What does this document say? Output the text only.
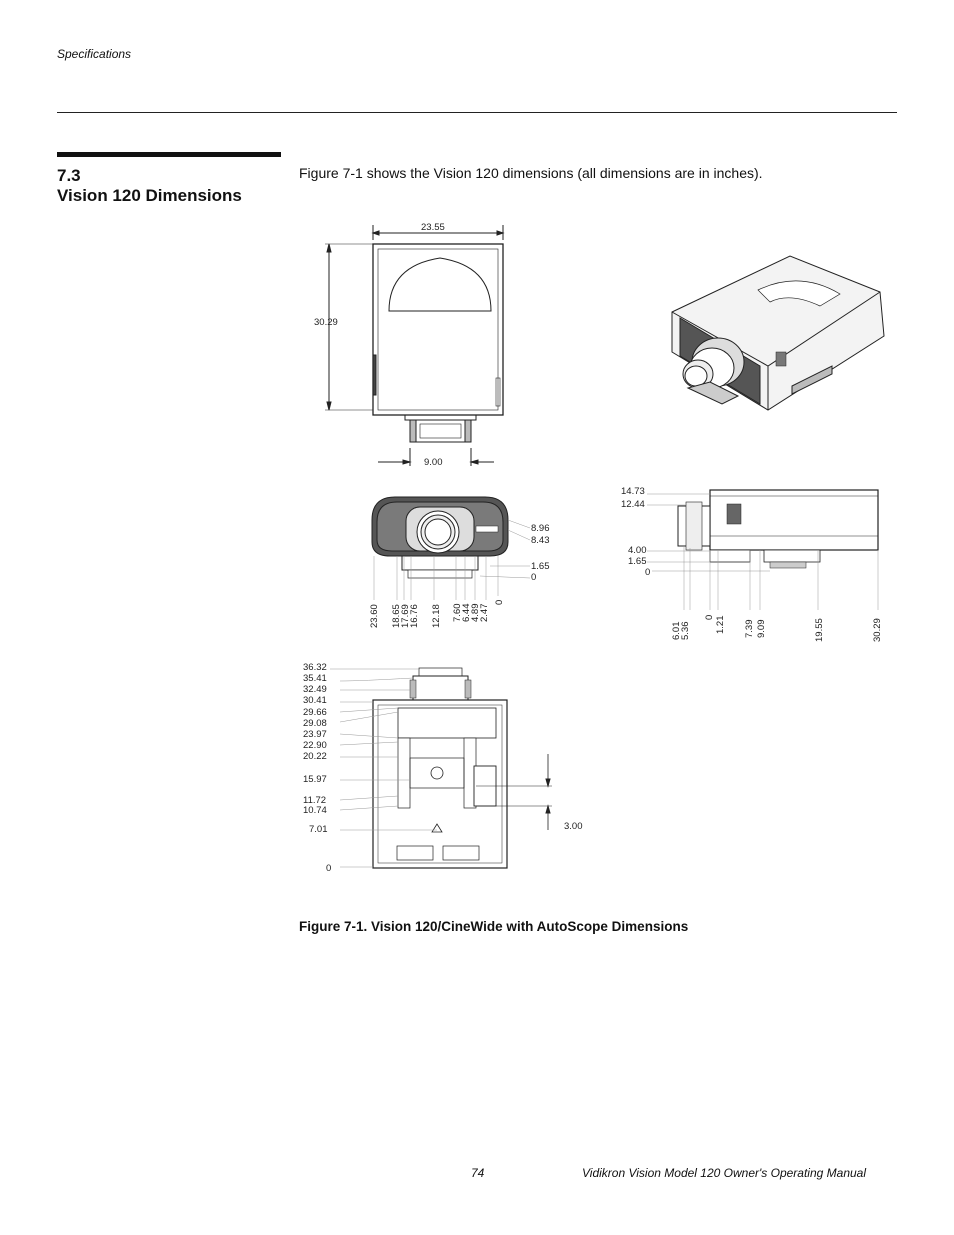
Specifications
7.3
Vision 120 Dimensions
Figure 7-1 shows the Vision 120 dimensions (all dimensions are in inches).
23.55
30.29
9.00
8.96
8.43
1.65
0
23.60 18.65
17.69
16.76 12.18 7.60
6.44
4.89
2.47
0
14.73
12.44
4.00
1.65
0
6.01
5.36
0 1.21 7.39 9.09	19.55	30.29
36.32
35.41
32.49
30.41
29.66
29.08
23.97
22.90
20.22
15.97
11.72
10.74
7.01
0
3.00
Figure 7-1. Vision 120/CineWide with AutoScope Dimensions
74	Vidikron Vision Model 120 Owner's Operating Manual
